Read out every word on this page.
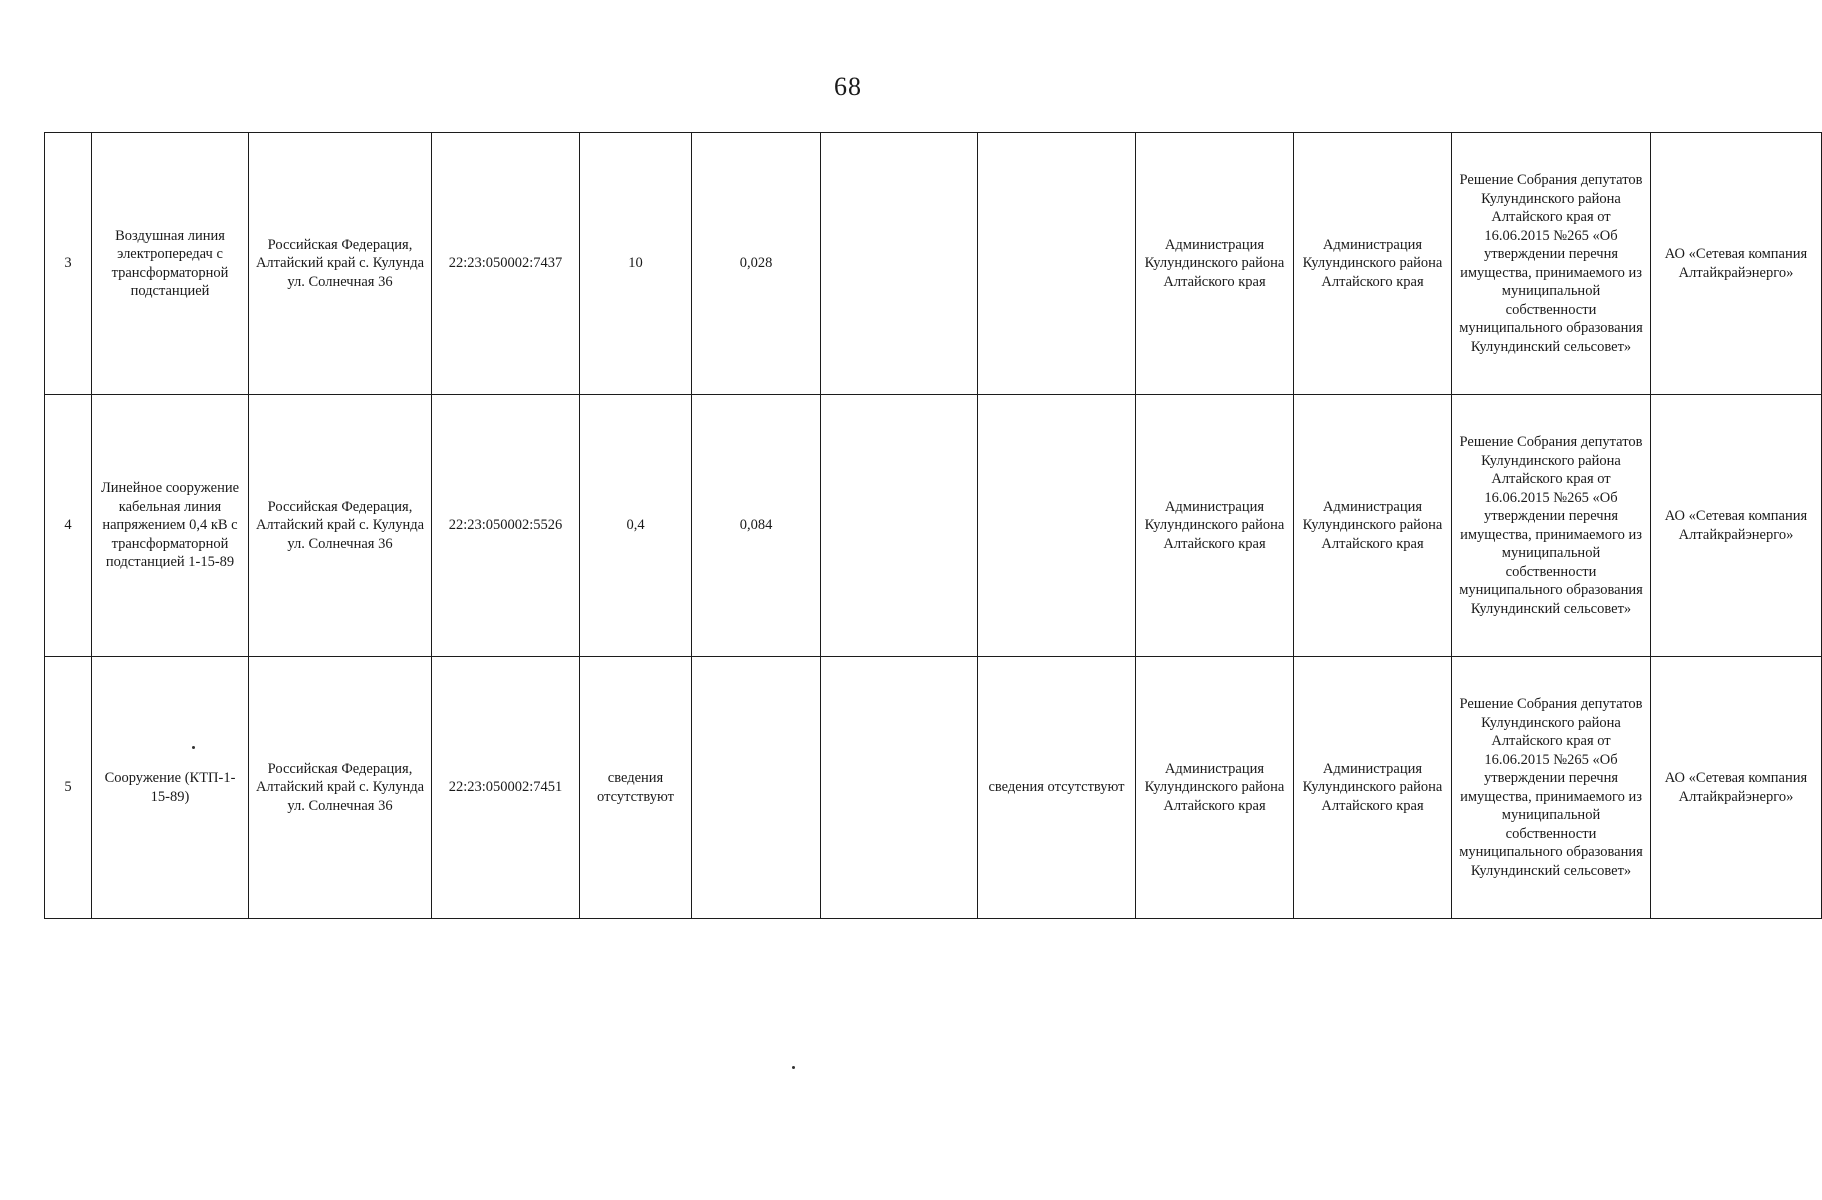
68
3	Воздушная линия электропередач с трансформаторной подстанцией	Российская Федерация, Алтайский край с. Кулунда ул. Солнечная 36	22:23:050002:7437	10	0,028			Администрация Кулундинского района Алтайского края	Администрация Кулундинского района Алтайского края	Решение Собрания депутатов Кулундинского района Алтайского края от 16.06.2015 №265 «Об утверждении перечня имущества, принимаемого из муниципальной собственности муниципального образования Кулундинский сельсовет»	АО «Сетевая компания Алтайкрайэнерго»
4	Линейное сооружение кабельная линия напряжением 0,4 кВ с трансформаторной подстанцией 1-15-89	Российская Федерация, Алтайский край с. Кулунда ул. Солнечная 36	22:23:050002:5526	0,4	0,084			Администрация Кулундинского района Алтайского края	Администрация Кулундинского района Алтайского края	Решение Собрания депутатов Кулундинского района Алтайского края от 16.06.2015 №265 «Об утверждении перечня имущества, принимаемого из муниципальной собственности муниципального образования Кулундинский сельсовет»	АО «Сетевая компания Алтайкрайэнерго»
5	Сооружение (КТП-1-15-89)	Российская Федерация, Алтайский край с. Кулунда ул. Солнечная 36	22:23:050002:7451	сведения отсутствуют			сведения отсутствуют	Администрация Кулундинского района Алтайского края	Администрация Кулундинского района Алтайского края	Решение Собрания депутатов Кулундинского района Алтайского края от 16.06.2015 №265 «Об утверждении перечня имущества, принимаемого из муниципальной собственности муниципального образования Кулундинский сельсовет»	АО «Сетевая компания Алтайкрайэнерго»
